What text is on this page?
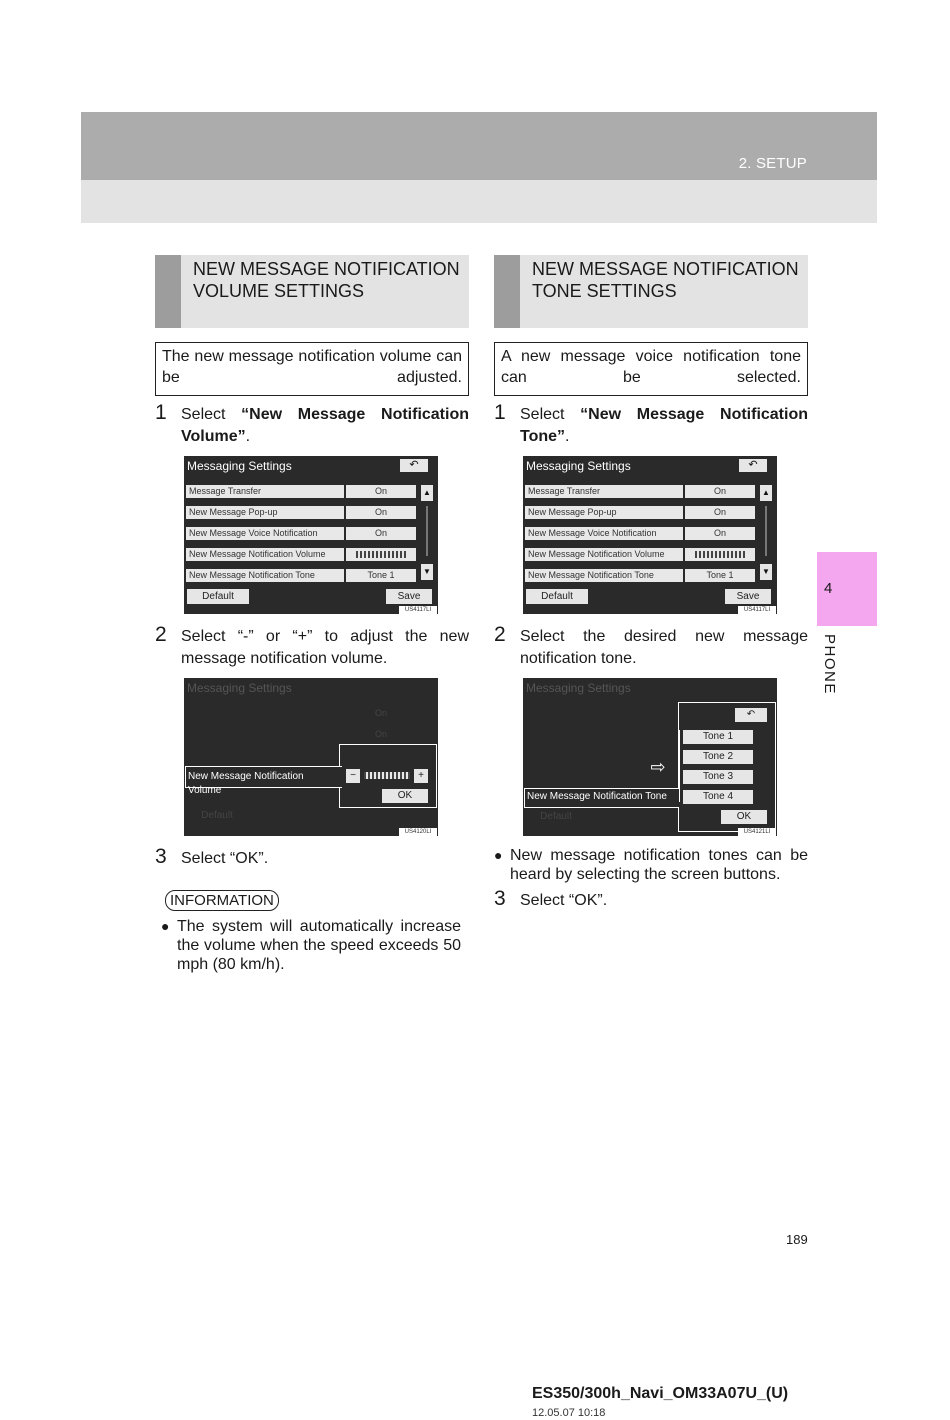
2. SETUP
4
PHONE
NEW MESSAGE NOTIFICATION VOLUME SETTINGS
The new message notification volume can be adjusted.
1 Select “New Message Notification Volume”.
Messaging Settings	↶
Message Transfer	On
New Message Pop-up	On
New Message Voice Notification	On
New Message Notification Volume
New Message Notification Tone	Tone 1
▲
▼
Default	Save
US4117LI
2 Select “-” or “+” to adjust the new message notification volume.
Messaging Settings
On
On
New Message Notification Volume
−	+
OK
Default
US4120LI
3 Select “OK”.
INFORMATION
● The system will automatically increase the volume when the speed exceeds 50 mph (80 km/h).
NEW MESSAGE NOTIFICATION TONE SETTINGS
A new message voice notification tone can be selected.
1 Select “New Message Notification Tone”.
Messaging Settings	↶
Message Transfer	On
New Message Pop-up	On
New Message Voice Notification	On
New Message Notification Volume
New Message Notification Tone	Tone 1
▲
▼
Default	Save
US4117LI
2 Select the desired new message notification tone.
Messaging Settings
↶
Tone 1
Tone 2
Tone 3
Tone 4
⇨
New Message Notification Tone
OK
Default
US4121LI
● New message notification tones can be heard by selecting the screen buttons.
3 Select “OK”.
189
ES350/300h_Navi_OM33A07U_(U)
12.05.07 10:18
